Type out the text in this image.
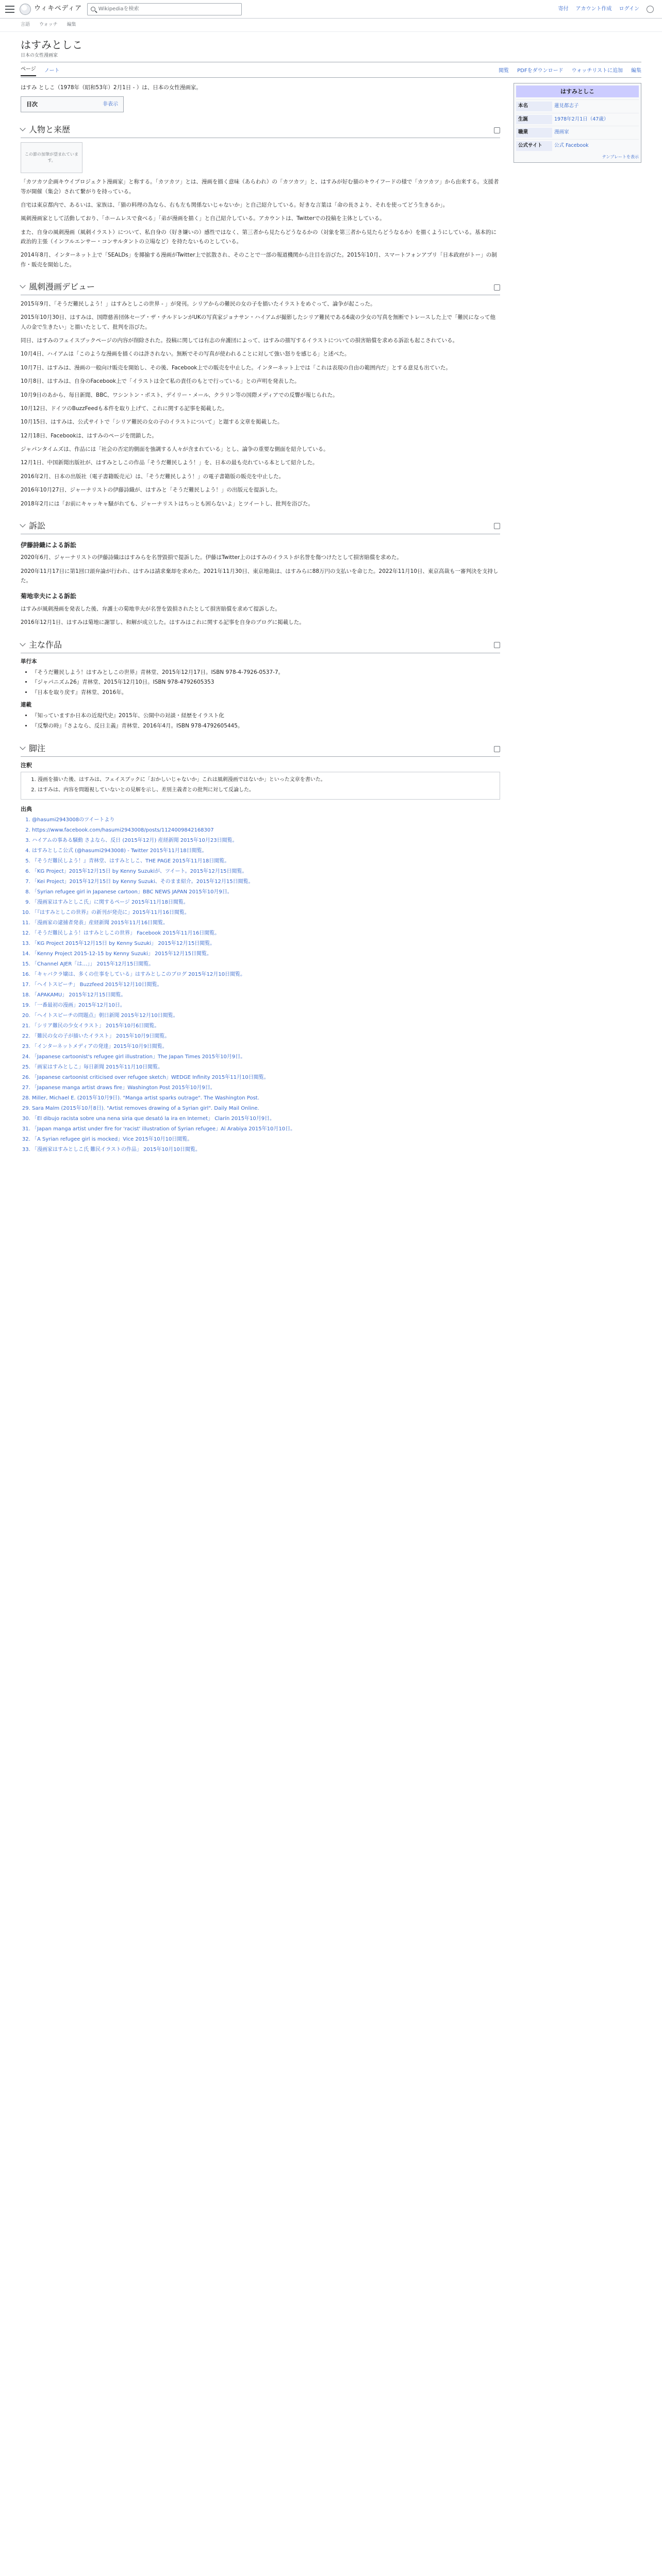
ウィキペディア	Wikipediaを検索	寄付 アカウント作成 ログイン
言語 ウォッチ 編集
はすみとしこ
日本の女性漫画家
ページ ノート	閲覧 PDFをダウンロード ウォッチリストに追加 編集
はすみとしこ
本名	蓮見都志子
生誕	1978年2月1日（47歳）
職業	漫画家
公式サイト	公式 Facebook
テンプレートを表示

はすみ としこ（1978年（昭和53年）2月1日 - ）は、日本の女性漫画家。

目次	非表示
人物と来歴
この節の加筆が望まれています。

「カツカツ企画キウイプロジェクト漫画家」と称する。「カツカツ」とは、漫画を描く意味（あらわれ）の「カツカツ」と、はすみが好む猫のキウイフードの様で「カツカツ」から由来する。支援者等が開催（集会）されて繋がりを持っている。

自宅は東京都内で、あるいは、家族は、「猫の料理の為なら、右も左も関係ないじゃないか」と自己紹介している。好きな言葉は「命の長さより、それを使ってどう生きるか」。

風刺漫画家として活動しており、「ホームレスで食べる」「弟が漫画を描く」と自己紹介している。アカウントは、Twitterでの投稿を主体としている。

また、自身の風刺漫画（風刺イラスト）について、私自身の（好き嫌いの）感性ではなく、第三者から見たらどうなるかの（対象を第三者から見たらどうなるか）を描くようにしている。基本的に政治的主張（インフルエンサー・コンサルタントの立場など）を持たないものとしている。

2014年8月、インターネット上で「SEALDs」を揶揄する漫画がTwitter上で拡散され、そのことで一部の報道機関から注目を浴びた。2015年10月、スマートフォンアプリ「日本政府がトー」の制作・販売を開始した。

風刺漫画デビュー

2015年9月、「そうだ難民しよう！」はすみとしこの世界 - 」が発刊。シリアからの難民の女の子を描いたイラストをめぐって、論争が起こった。

2015年10月30日、はすみは、国際慈善団体セーブ・ザ・チルドレンがUKの写真家ジョナサン・ハイアムが撮影したシリア難民である6歳の少女の写真を無断でトレースした上で「難民になって他人の金で生きたい」と描いたとして、批判を浴びた。

同日、はすみのフェイスブックページの内容が削除された。投稿に関しては有志の弁護団によって、はすみの描写するイラストについての損害賠償を求める訴訟も起こされている。

10月4日、ハイアムは「このような漫画を描くのは許されない。無断でその写真が使われることに対して強い怒りを感じる」と述べた。

10月7日、はすみは、漫画の一般向け販売を開始し、その後、Facebook上での販売を中止した。インターネット上では「これは表現の自由の範囲内だ」とする意見も出ていた。

10月8日、はすみは、自身のFacebook上で「イラストは全て私の責任のもとで行っている」との声明を発表した。

10月9日のあから、毎日新聞、BBC、ワシントン・ポスト、デイリー・メール、クラリン等の国際メディアでの反響が報じられた。

10月12日、ドイツのBuzzFeedも本件を取り上げて、これに関する記事を掲載した。

10月15日、はすみは、公式サイトで「シリア難民の女の子のイラストについて」と題する文章を掲載した。

12月18日、Facebookは、はすみのページを閉鎖した。

ジャパンタイムズは、作品には「社会の否定的側面を強調する人々が含まれている」とし、論争の重要な側面を紹介している。

12月1日、中国新聞出版社が、はすみとしこの作品「そうだ難民しよう！」を、日本の最も売れている本として紹介した。

2016年2月、日本の出版社（電子書籍販売元）は、「そうだ難民しよう！」の電子書籍版の販売を中止した。

2016年10月27日、ジャーナリストの伊藤詩織が、はすみと「そうだ難民しよう！」の出版元を提訴した。

2018年2月には「お前にキャッキャ騒がれても、ジャーナリストはちっとも困らないよ」とツイートし、批判を浴びた。

訴訟
伊藤詩織による訴訟

2020年6月、ジャーナリストの伊藤詩織ははすみらを名誉毀損で提訴した。伊藤はTwitter上のはすみのイラストが名誉を傷つけたとして損害賠償を求めた。

2020年11月17日に第1回口頭弁論が行われ、はすみは請求棄却を求めた。2021年11月30日、東京地裁は、はすみらに88万円の支払いを命じた。2022年11月10日、東京高裁も一審判決を支持した。

菊地幸夫による訴訟

はすみが風刺漫画を発表した後、弁護士の菊地幸夫が名誉を毀損されたとして損害賠償を求めて提訴した。

2016年12月1日、はすみは菊地に謝罪し、和解が成立した。はすみはこれに関する記事を自身のブログに掲載した。

主な作品
単行本
• 『そうだ難民しよう！はすみとしこの世界』青林堂、2015年12月17日。ISBN 978-4-7926-0537-7。
• 『ジャパニズム26』青林堂、2015年12月10日。ISBN 978-4792605353
• 『日本を取り戻す』青林堂、2016年。
連載
• 『知っていますか日本の近現代史』2015年、公開中の対談・経歴をイラスト化
• 『反撃の時』『さよなら、反日主義』青林堂、2016年4月。ISBN 978-4792605445。
脚注
注釈
1. 漫画を描いた後、はすみは、フェイスブックに「おかしいじゃないか」これは風刺漫画ではないか」といった文章を書いた。
2. はすみは、内容を問題視していないとの見解を示し、差別主義者との批判に対して反論した。
出典
1. @hasumi2943008のツイートより
2. https://www.facebook.com/hasumi2943008/posts/1124009842168307
3. ハイアムの事ある騒動 さよなら、反日 (2015年12月) 産経新聞 2015年10月23日閲覧。
4. はすみとしこ公式 (@hasumi2943008) - Twitter 2015年11月18日閲覧。
5. 『そうだ難民しよう！』青林堂、はすみとしこ、THE PAGE 2015年11月18日閲覧。
6. 「KG Project」2015年12月15日 by Kenny Suzukiが、ツイート。2015年12月15日閲覧。
7. 「Kei Project」2015年12月15日 by Kenny Suzuki、そのまま紹介。2015年12月15日閲覧。
8. 「Syrian refugee girl in Japanese cartoon」BBC NEWS JAPAN 2015年10月9日。
9. 「漫画家はすみとしこ氏」に関するページ 2015年11月18日閲覧。
10. 「『はすみとしこの世界』の新刊が発売に」2015年11月16日閲覧。
11. 「漫画家の逮捕者発表」産経新聞 2015年11月16日閲覧。
12. 「そうだ難民しよう！はすみとしこの世界」 Facebook 2015年11月16日閲覧。
13. 「KG Project 2015年12月15日 by Kenny Suzuki」 2015年12月15日閲覧。
14. 「Kenny Project 2015-12-15 by Kenny Suzuki」 2015年12月15日閲覧。
15. 「Channel AJER「は…」」 2015年12月15日閲覧。
16. 「キャバクラ嬢は、多くの仕事をしている」はすみとしこのブログ 2015年12月10日閲覧。
17. 「ヘイトスピーチ」 Buzzfeed 2015年12月10日閲覧。
18. 「APAKAMU」 2015年12月15日閲覧。
19. 「一番最初の漫画」2015年12月10日。
20. 「ヘイトスピーチの問題点」朝日新聞 2015年12月10日閲覧。
21. 「シリア難民の少女イラスト」 2015年10月6日閲覧。
22. 「難民の女の子が描いたイラスト」 2015年10月9日閲覧。
23. 「インターネットメディアの発達」2015年10月9日閲覧。
24. 「Japanese cartoonist's refugee girl illustration」The Japan Times 2015年10月9日。
25. 「画家はすみとしこ」毎日新聞 2015年11月10日閲覧。
26. 「Japanese cartoonist criticised over refugee sketch」WEDGE Infinity 2015年11月10日閲覧。
27. 「Japanese manga artist draws fire」Washington Post 2015年10月9日。
28. Miller, Michael E. (2015年10月9日). "Manga artist sparks outrage". The Washington Post.
29. Sara Malm (2015年10月8日). "Artist removes drawing of a Syrian girl". Daily Mail Online.
30. 「El dibujo racista sobre una nena siria que desató la ira en Internet」 Clarín 2015年10月9日。
31. 「Japan manga artist under fire for 'racist' illustration of Syrian refugee」Al Arabiya 2015年10月10日。
32. 「A Syrian refugee girl is mocked」Vice 2015年10月10日閲覧。
33. 「漫画家はすみとしこ氏 難民イラストの作品」 2015年10月10日閲覧。
